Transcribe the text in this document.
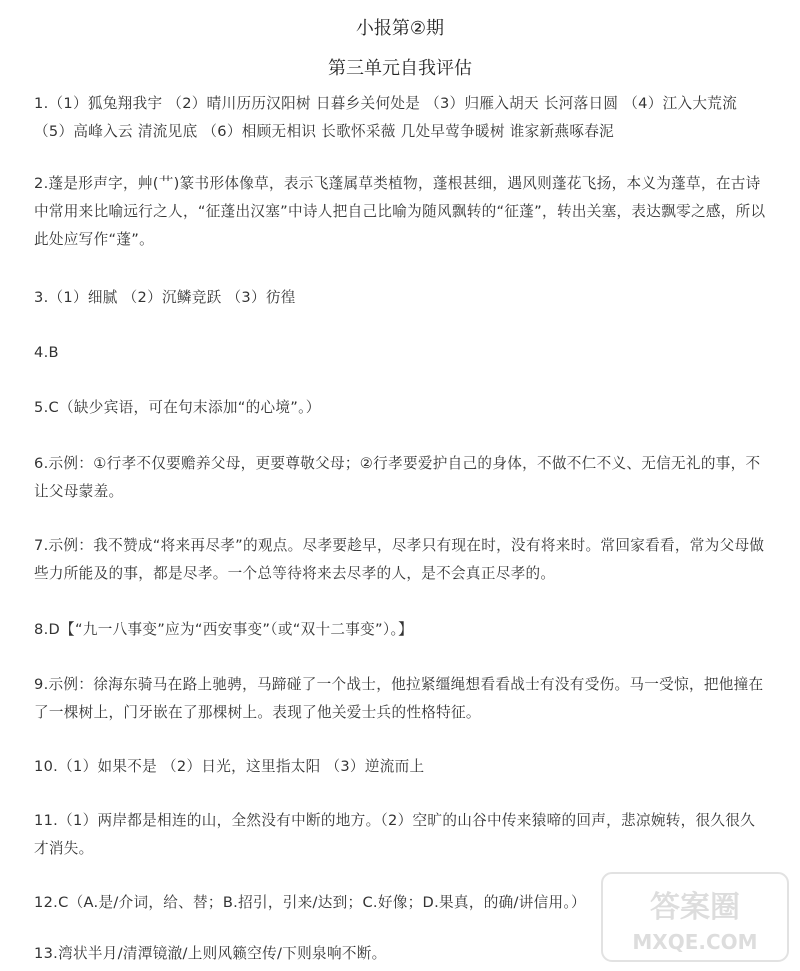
小报第②期
第三单元自我评估
1.（1）狐兔翔我宇 （2）晴川历历汉阳树 日暮乡关何处是 （3）归雁入胡天 长河落日圆 （4）江入大荒流 （5）高峰入云 清流见底 （6）相顾无相识 长歌怀采薇 几处早莺争暖树 谁家新燕啄春泥
2.蓬是形声字，艸(艹)篆书形体像草，表示飞蓬属草类植物，蓬根甚细，遇风则蓬花飞扬，本义为蓬草，在古诗中常用来比喻远行之人，“征蓬出汉塞”中诗人把自己比喻为随风飘转的“征蓬”，转出关塞，表达飘零之感，所以此处应写作“蓬”。
3.（1）细腻 （2）沉鳞竞跃 （3）彷徨
4.B
5.C（缺少宾语，可在句末添加“的心境”。）
6.示例：①行孝不仅要赡养父母，更要尊敬父母；②行孝要爱护自己的身体，不做不仁不义、无信无礼的事，不让父母蒙羞。
7.示例：我不赞成“将来再尽孝”的观点。尽孝要趁早，尽孝只有现在时，没有将来时。常回家看看，常为父母做些力所能及的事，都是尽孝。一个总等待将来去尽孝的人，是不会真正尽孝的。
8.D【“九一八事变”应为“西安事变”（或“双十二事变”）。】
9.示例：徐海东骑马在路上驰骋，马蹄碰了一个战士，他拉紧缰绳想看看战士有没有受伤。马一受惊，把他撞在了一棵树上，门牙嵌在了那棵树上。表现了他关爱士兵的性格特征。
10.（1）如果不是 （2）日光，这里指太阳 （3）逆流而上
11.（1）两岸都是相连的山，全然没有中断的地方。（2）空旷的山谷中传来猿啼的回声，悲凉婉转，很久很久才消失。
12.C（A.是/介词，给、替；B.招引，引来/达到；C.好像；D.果真，的确/讲信用。）
13.湾状半月/清潭镜澈/上则风籁空传/下则泉响不断。
答案圈
MXQE.COM
